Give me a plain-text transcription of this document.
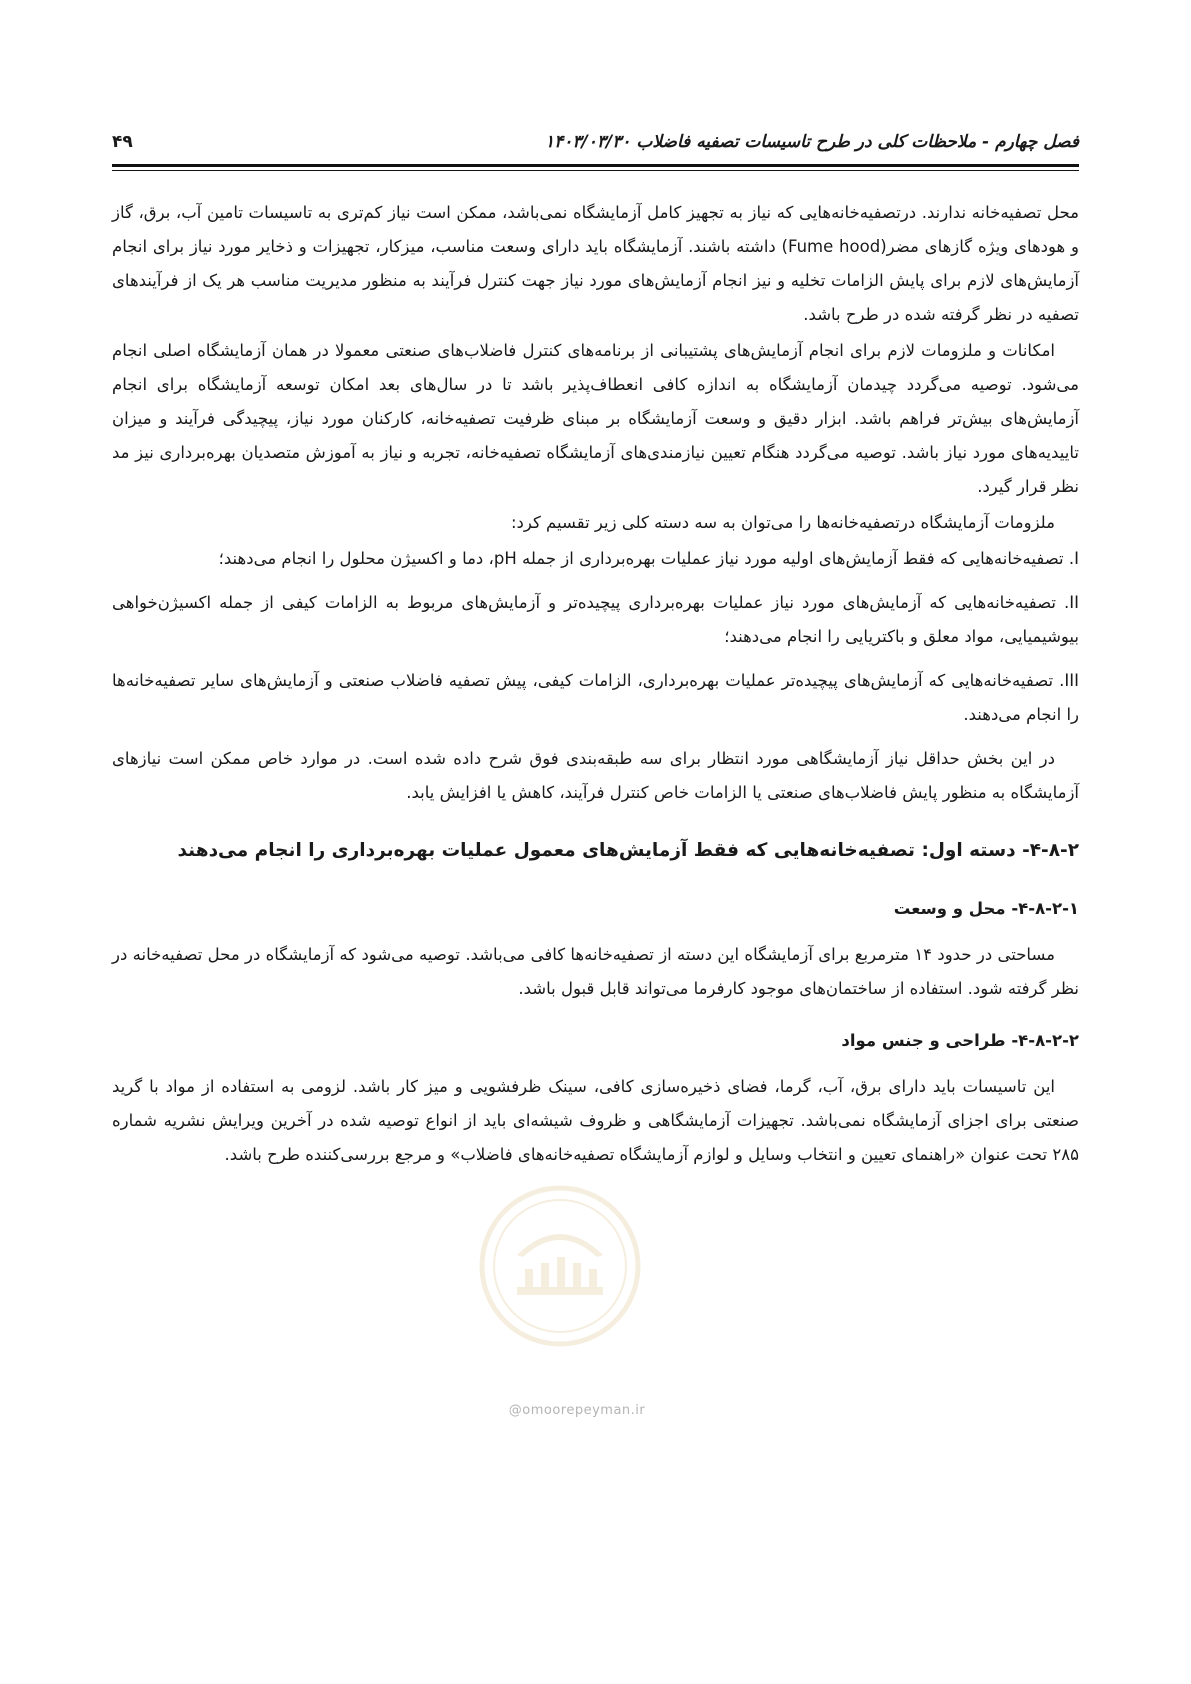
فصل چهارم - ملاحظات کلی در طرح تاسیسات تصفیه فاضلاب ۱۴۰۳/۰۳/۳۰
۴۹

محل تصفیه‌خانه ندارند. درتصفیه‌خانه‌هایی که نیاز به تجهیز کامل آزمایشگاه نمی‌باشد، ممکن است نیاز کم‌تری به تاسیسات تامین آب، برق، گاز و هودهای ویژه گازهای مضر(Fume hood) داشته باشند. آزمایشگاه باید دارای وسعت مناسب، میزکار، تجهیزات و ذخایر مورد نیاز برای انجام آزمایش‌های لازم برای پایش الزامات تخلیه و نیز انجام آزمایش‌های مورد نیاز جهت کنترل فرآیند به منظور مدیریت مناسب هر یک از فرآیندهای تصفیه در نظر گرفته شده در طرح باشد.

امکانات و ملزومات لازم برای انجام آزمایش‌های پشتیبانی از برنامه‌های کنترل فاضلاب‌های صنعتی معمولا در همان آزمایشگاه اصلی انجام می‌شود. توصیه می‌گردد چیدمان آزمایشگاه به اندازه کافی انعطاف‌پذیر باشد تا در سال‌های بعد امکان توسعه آزمایشگاه برای انجام آزمایش‌های بیش‌تر فراهم باشد. ابزار دقیق و وسعت آزمایشگاه بر مبنای ظرفیت تصفیه‌خانه، کارکنان مورد نیاز، پیچیدگی فرآیند و میزان تاییدیه‌های مورد نیاز باشد. توصیه می‌گردد هنگام تعیین نیازمندی‌های آزمایشگاه تصفیه‌خانه، تجربه و نیاز به آموزش متصدیان بهره‌برداری نیز مد نظر قرار گیرد.

ملزومات آزمایشگاه درتصفیه‌خانه‌ها را می‌توان به سه دسته کلی زیر تقسیم کرد:

I. تصفیه‌خانه‌هایی که فقط آزمایش‌های اولیه مورد نیاز عملیات بهره‌برداری از جمله pH، دما و اکسیژن محلول را انجام می‌دهند؛

II. تصفیه‌خانه‌هایی که آزمایش‌های مورد نیاز عملیات بهره‌برداری پیچیده‌تر و آزمایش‌های مربوط به الزامات کیفی از جمله اکسیژن‌خواهی بیوشیمیایی، مواد معلق و باکتریایی را انجام می‌دهند؛

III. تصفیه‌خانه‌هایی که آزمایش‌های پیچیده‌تر عملیات بهره‌برداری، الزامات کیفی، پیش تصفیه فاضلاب صنعتی و آزمایش‌های سایر تصفیه‌خانه‌ها را انجام می‌دهند.

در این بخش حداقل نیاز آزمایشگاهی مورد انتظار برای سه طبقه‌بندی فوق شرح داده شده است. در موارد خاص ممکن است نیازهای آزمایشگاه به منظور پایش فاضلاب‌های صنعتی یا الزامات خاص کنترل فرآیند، کاهش یا افزایش یابد.

۴-۸-۲- دسته اول: تصفیه‌خانه‌هایی که فقط آزمایش‌های معمول عملیات بهره‌برداری را انجام می‌دهند
۴-۸-۲-۱- محل و وسعت

مساحتی در حدود ۱۴ مترمربع برای آزمایشگاه این دسته از تصفیه‌خانه‌ها کافی می‌باشد. توصیه می‌شود که آزمایشگاه در محل تصفیه‌خانه در نظر گرفته شود. استفاده از ساختمان‌های موجود کارفرما می‌تواند قابل قبول باشد.

۴-۸-۲-۲- طراحی و جنس مواد

این تاسیسات باید دارای برق، آب، گرما، فضای ذخیره‌سازی کافی، سینک ظرفشویی و میز کار باشد. لزومی به استفاده از مواد با گرید صنعتی برای اجزای آزمایشگاه نمی‌باشد. تجهیزات آزمایشگاهی و ظروف شیشه‌ای باید از انواع توصیه شده در آخرین ویرایش نشریه شماره ۲۸۵ تحت عنوان «راهنمای تعیین و انتخاب وسایل و لوازم آزمایشگاه تصفیه‌خانه‌های فاضلاب» و مرجع بررسی‌کننده طرح باشد.

@omoorepeyman.ir
